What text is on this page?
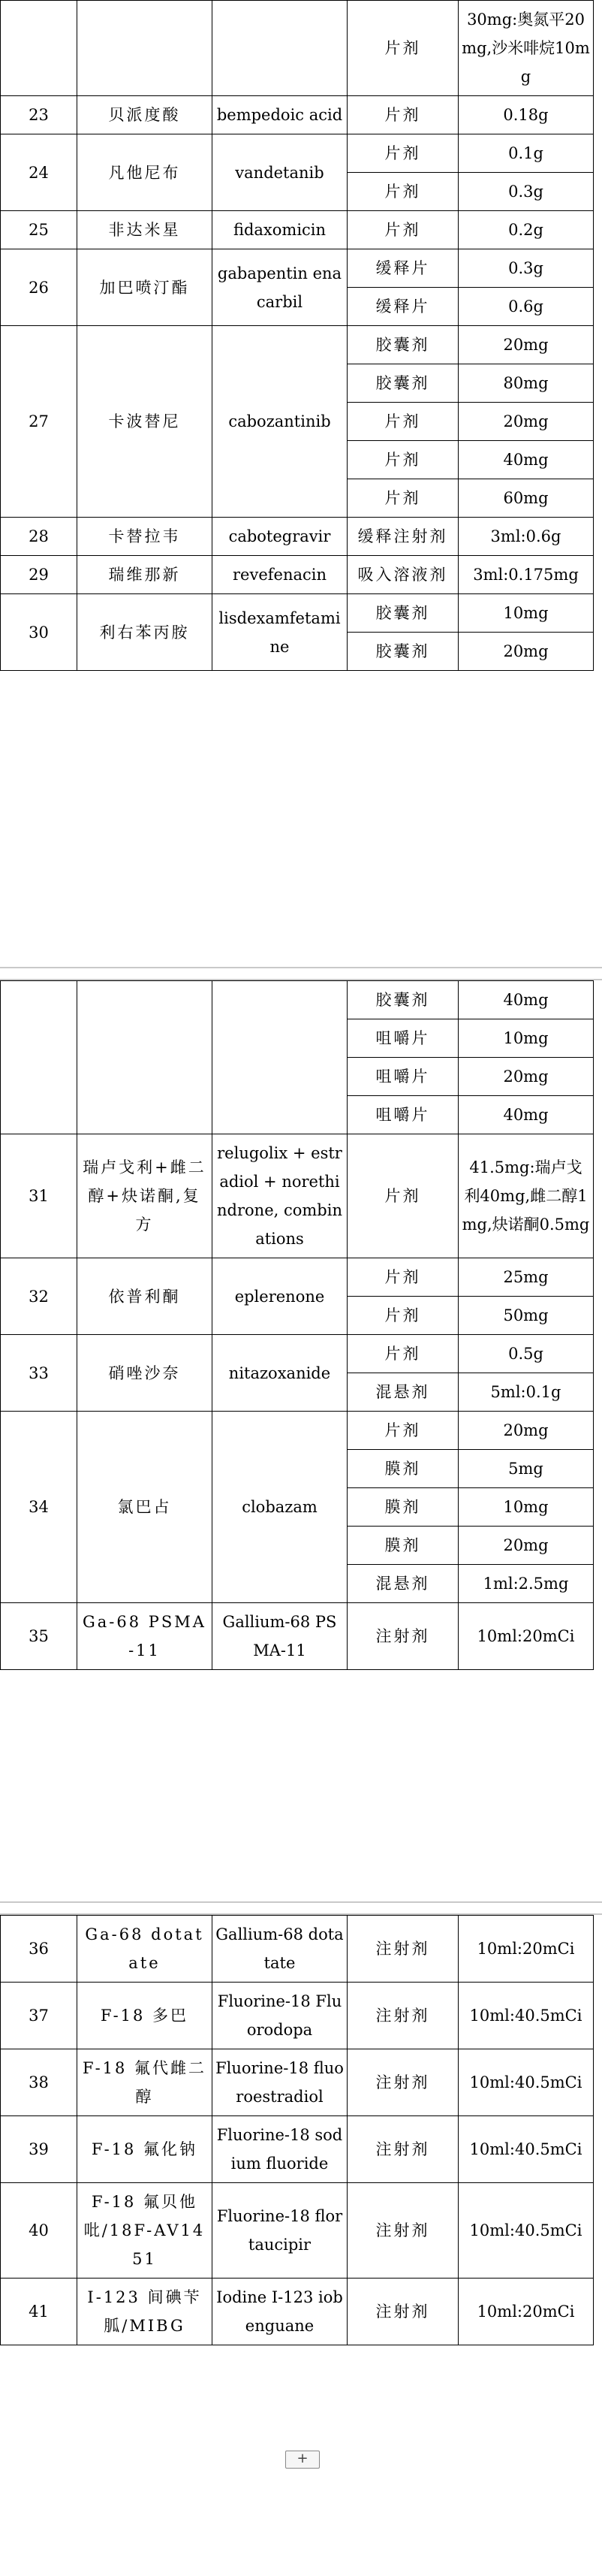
			片剂	30mg:奥氮平20mg,沙米啡烷10mg
23	贝派度酸	bempedoic acid	片剂	0.18g
24	凡他尼布	vandetanib	片剂	0.1g
			片剂	0.3g
25	非达米星	fidaxomicin	片剂	0.2g
26	加巴喷汀酯	gabapentin enacarbil	缓释片	0.3g
			缓释片	0.6g
27	卡波替尼	cabozantinib	胶囊剂	20mg
			胶囊剂	80mg
			片剂	20mg
			片剂	40mg
			片剂	60mg
28	卡替拉韦	cabotegravir	缓释注射剂	3ml:0.6g
29	瑞维那新	revefenacin	吸入溶液剂	3ml:0.175mg
30	利右苯丙胺	lisdexamfetamine	胶囊剂	10mg
			胶囊剂	20mg
			胶囊剂	40mg
			咀嚼片	10mg
			咀嚼片	20mg
			咀嚼片	40mg
31	瑞卢戈利+雌二醇+炔诺酮,复方	relugolix + estradiol + norethindrone, combinations	片剂	41.5mg:瑞卢戈利40mg,雌二醇1mg,炔诺酮0.5mg
32	依普利酮	eplerenone	片剂	25mg
			片剂	50mg
33	硝唑沙奈	nitazoxanide	片剂	0.5g
			混悬剂	5ml:0.1g
34	氯巴占	clobazam	片剂	20mg
			膜剂	5mg
			膜剂	10mg
			膜剂	20mg
			混悬剂	1ml:2.5mg
35	Ga-68 PSMA-11	Gallium-68 PSMA-11	注射剂	10ml:20mCi
36	Ga-68 dotatate	Gallium-68 dotatate	注射剂	10ml:20mCi
37	F-18 多巴	Fluorine-18 Fluorodopa	注射剂	10ml:40.5mCi
38	F-18 氟代雌二醇	Fluorine-18 fluoroestradiol	注射剂	10ml:40.5mCi
39	F-18 氟化钠	Fluorine-18 sodium fluoride	注射剂	10ml:40.5mCi
40	F-18 氟贝他吡/18F-AV1451	Fluorine-18 flortaucipir	注射剂	10ml:40.5mCi
41	I-123 间碘苄胍/MIBG	Iodine I-123 iobenguane	注射剂	10ml:20mCi
+
